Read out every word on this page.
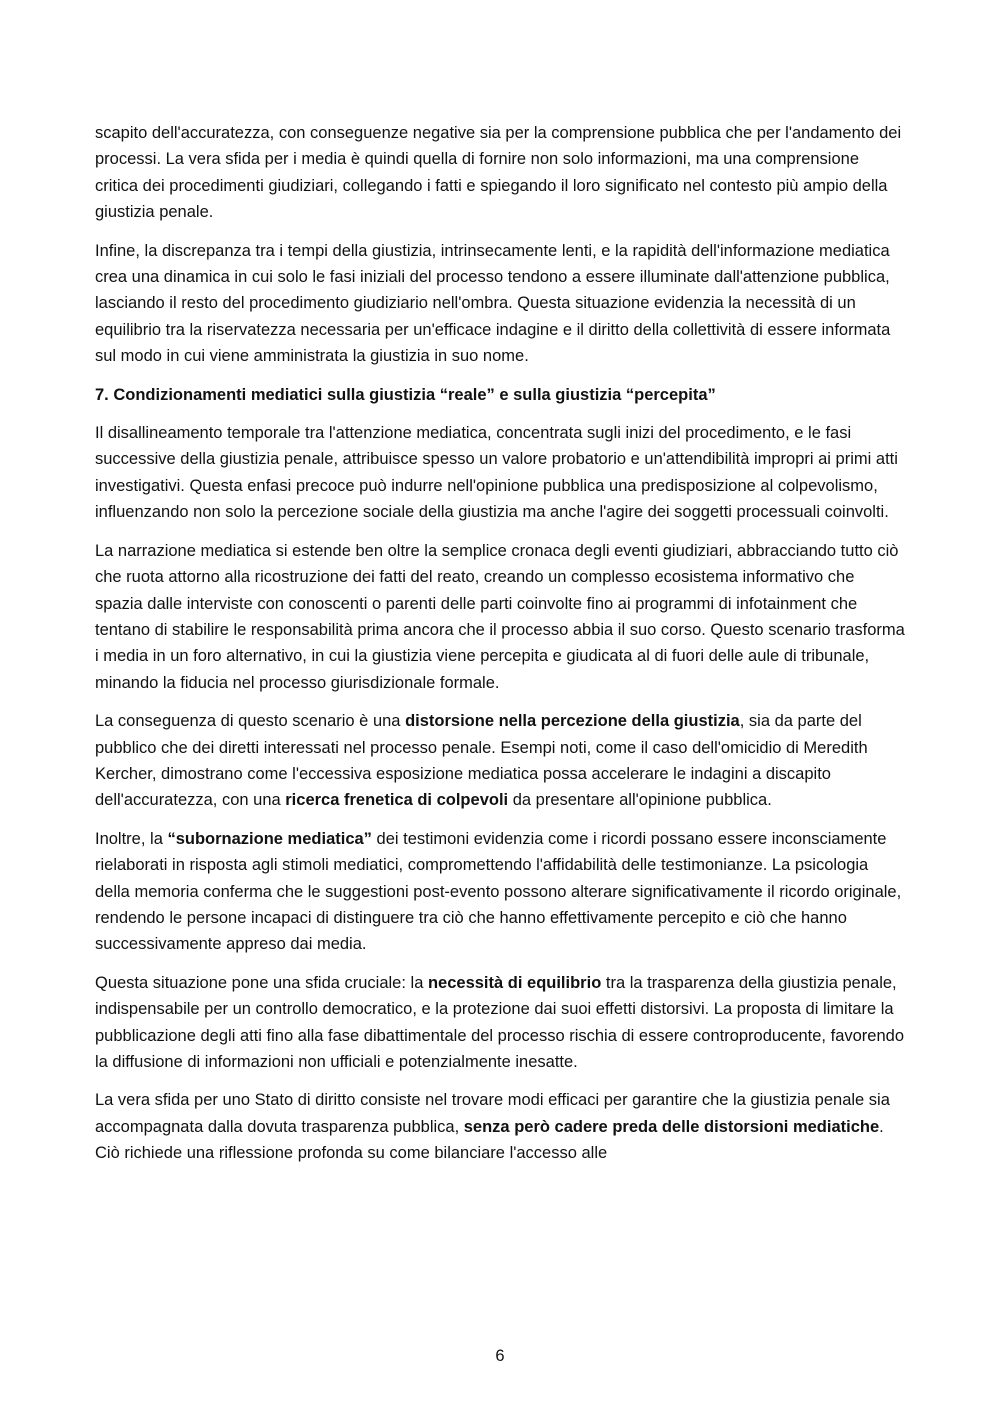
scapito dell'accuratezza, con conseguenze negative sia per la comprensione pubblica che per l'andamento dei processi. La vera sfida per i media è quindi quella di fornire non solo informazioni, ma una comprensione critica dei procedimenti giudiziari, collegando i fatti e spiegando il loro significato nel contesto più ampio della giustizia penale.

Infine, la discrepanza tra i tempi della giustizia, intrinsecamente lenti, e la rapidità dell'informazione mediatica crea una dinamica in cui solo le fasi iniziali del processo tendono a essere illuminate dall'attenzione pubblica, lasciando il resto del procedimento giudiziario nell'ombra. Questa situazione evidenzia la necessità di un equilibrio tra la riservatezza necessaria per un'efficace indagine e il diritto della collettività di essere informata sul modo in cui viene amministrata la giustizia in suo nome.

7. Condizionamenti mediatici sulla giustizia “reale” e sulla giustizia “percepita”

Il disallineamento temporale tra l'attenzione mediatica, concentrata sugli inizi del procedimento, e le fasi successive della giustizia penale, attribuisce spesso un valore probatorio e un'attendibilità impropri ai primi atti investigativi. Questa enfasi precoce può indurre nell'opinione pubblica una predisposizione al colpevolismo, influenzando non solo la percezione sociale della giustizia ma anche l'agire dei soggetti processuali coinvolti.

La narrazione mediatica si estende ben oltre la semplice cronaca degli eventi giudiziari, abbracciando tutto ciò che ruota attorno alla ricostruzione dei fatti del reato, creando un complesso ecosistema informativo che spazia dalle interviste con conoscenti o parenti delle parti coinvolte fino ai programmi di infotainment che tentano di stabilire le responsabilità prima ancora che il processo abbia il suo corso. Questo scenario trasforma i media in un foro alternativo, in cui la giustizia viene percepita e giudicata al di fuori delle aule di tribunale, minando la fiducia nel processo giurisdizionale formale.

La conseguenza di questo scenario è una distorsione nella percezione della giustizia, sia da parte del pubblico che dei diretti interessati nel processo penale. Esempi noti, come il caso dell'omicidio di Meredith Kercher, dimostrano come l'eccessiva esposizione mediatica possa accelerare le indagini a discapito dell'accuratezza, con una ricerca frenetica di colpevoli da presentare all'opinione pubblica.

Inoltre, la “subornazione mediatica” dei testimoni evidenzia come i ricordi possano essere inconsciamente rielaborati in risposta agli stimoli mediatici, compromettendo l'affidabilità delle testimonianze. La psicologia della memoria conferma che le suggestioni post-evento possono alterare significativamente il ricordo originale, rendendo le persone incapaci di distinguere tra ciò che hanno effettivamente percepito e ciò che hanno successivamente appreso dai media.

Questa situazione pone una sfida cruciale: la necessità di equilibrio tra la trasparenza della giustizia penale, indispensabile per un controllo democratico, e la protezione dai suoi effetti distorsivi. La proposta di limitare la pubblicazione degli atti fino alla fase dibattimentale del processo rischia di essere controproducente, favorendo la diffusione di informazioni non ufficiali e potenzialmente inesatte.

La vera sfida per uno Stato di diritto consiste nel trovare modi efficaci per garantire che la giustizia penale sia accompagnata dalla dovuta trasparenza pubblica, senza però cadere preda delle distorsioni mediatiche. Ciò richiede una riflessione profonda su come bilanciare l'accesso alle

6
